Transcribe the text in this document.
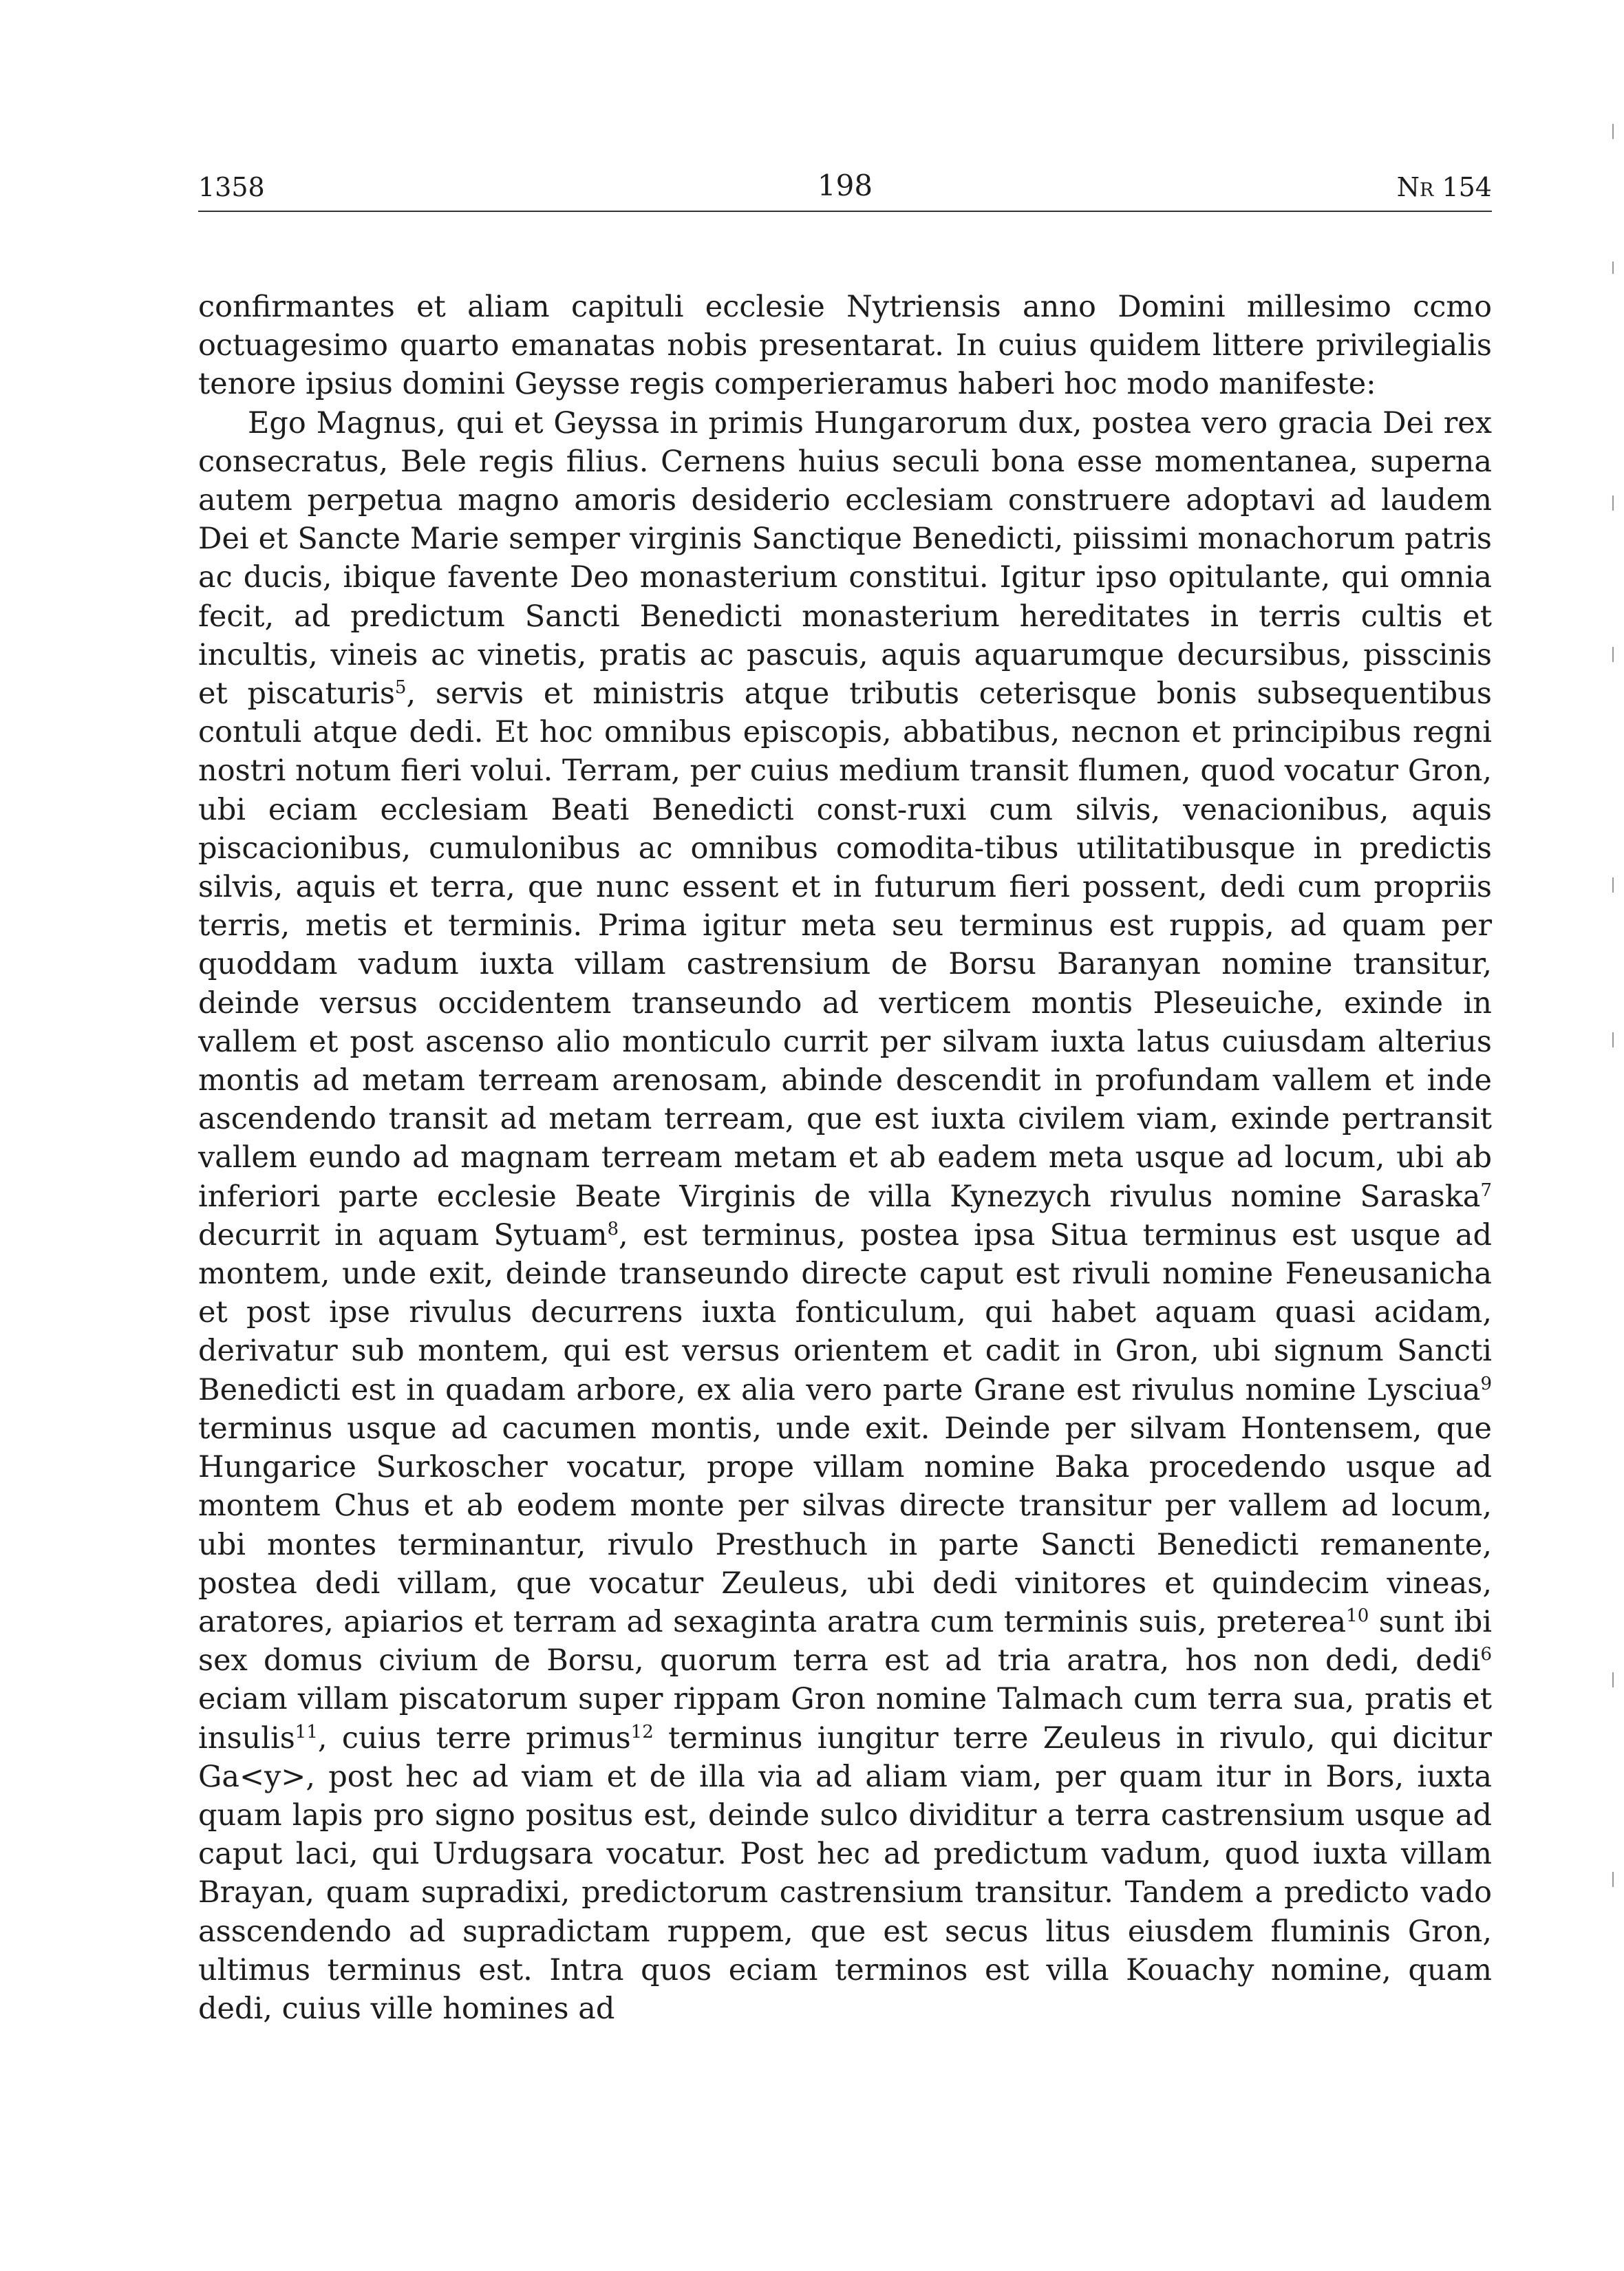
1358	198	Nr 154

confirmantes et aliam capituli ecclesie Nytriensis anno Domini millesimo ccmo octuagesimo quarto emanatas nobis presentarat. In cuius quidem littere privilegialis tenore ipsius domini Geysse regis comperieramus haberi hoc modo manifeste:

Ego Magnus, qui et Geyssa in primis Hungarorum dux, postea vero gracia Dei rex consecratus, Bele regis filius. Cernens huius seculi bona esse momentanea, superna autem perpetua magno amoris desiderio ecclesiam construere adoptavi ad laudem Dei et Sancte Marie semper virginis Sanctique Benedicti, piissimi monachorum patris ac ducis, ibique favente Deo monasterium constitui. Igitur ipso opitulante, qui omnia fecit, ad predictum Sancti Benedicti monasterium hereditates in terris cultis et incultis, vineis ac vinetis, pratis ac pascuis, aquis aquarumque decursibus, pisscinis et piscaturis$^5$, servis et ministris atque tributis ceterisque bonis subsequentibus contuli atque dedi. Et hoc omnibus episcopis, abbatibus, necnon et principibus regni nostri notum fieri volui. Terram, per cuius medium transit flumen, quod vocatur Gron, ubi eciam ecclesiam Beati Benedicti const-ruxi cum silvis, venacionibus, aquis piscacionibus, cumulonibus ac omnibus comodita-tibus utilitatibusque in predictis silvis, aquis et terra, que nunc essent et in futurum fieri possent, dedi cum propriis terris, metis et terminis. Prima igitur meta seu terminus est ruppis, ad quam per quoddam vadum iuxta villam castrensium de Borsu Baranyan nomine transitur, deinde versus occidentem transeundo ad verticem montis Pleseuiche, exinde in vallem et post ascenso alio monticulo currit per silvam iuxta latus cuiusdam alterius montis ad metam terream arenosam, abinde descendit in profundam vallem et inde ascendendo transit ad metam terream, que est iuxta civilem viam, exinde pertransit vallem eundo ad magnam terream metam et ab eadem meta usque ad locum, ubi ab inferiori parte ecclesie Beate Virginis de villa Kynezych rivulus nomine Saraska$^7$ decurrit in aquam Sytuam$^8$, est terminus, postea ipsa Situa terminus est usque ad montem, unde exit, deinde transeundo directe caput est rivuli nomine Feneusanicha et post ipse rivulus decurrens iuxta fonticulum, qui habet aquam quasi acidam, derivatur sub montem, qui est versus orientem et cadit in Gron, ubi signum Sancti Benedicti est in quadam arbore, ex alia vero parte Grane est rivulus nomine Lysciua$^9$ terminus usque ad cacumen montis, unde exit. Deinde per silvam Hontensem, que Hungarice Surkoscher vocatur, prope villam nomine Baka procedendo usque ad montem Chus et ab eodem monte per silvas directe transitur per vallem ad locum, ubi montes terminantur, rivulo Presthuch in parte Sancti Benedicti remanente, postea dedi villam, que vocatur Zeuleus, ubi dedi vinitores et quindecim vineas, aratores, apiarios et terram ad sexaginta aratra cum terminis suis, preterea$^{10}$ sunt ibi sex domus civium de Borsu, quorum terra est ad tria aratra, hos non dedi, dedi$^6$ eciam villam piscatorum super rippam Gron nomine Talmach cum terra sua, pratis et insulis$^{11}$, cuius terre primus$^{12}$ terminus iungitur terre Zeuleus in rivulo, qui dicitur Ga<y>, post hec ad viam et de illa via ad aliam viam, per quam itur in Bors, iuxta quam lapis pro signo positus est, deinde sulco dividitur a terra castrensium usque ad caput laci, qui Urdugsara vocatur. Post hec ad predictum vadum, quod iuxta villam Brayan, quam supradixi, predictorum castrensium transitur. Tandem a predicto vado asscendendo ad supradictam ruppem, que est secus litus eiusdem fluminis Gron, ultimus terminus est. Intra quos eciam terminos est villa Kouachy nomine, quam dedi, cuius ville homines ad
